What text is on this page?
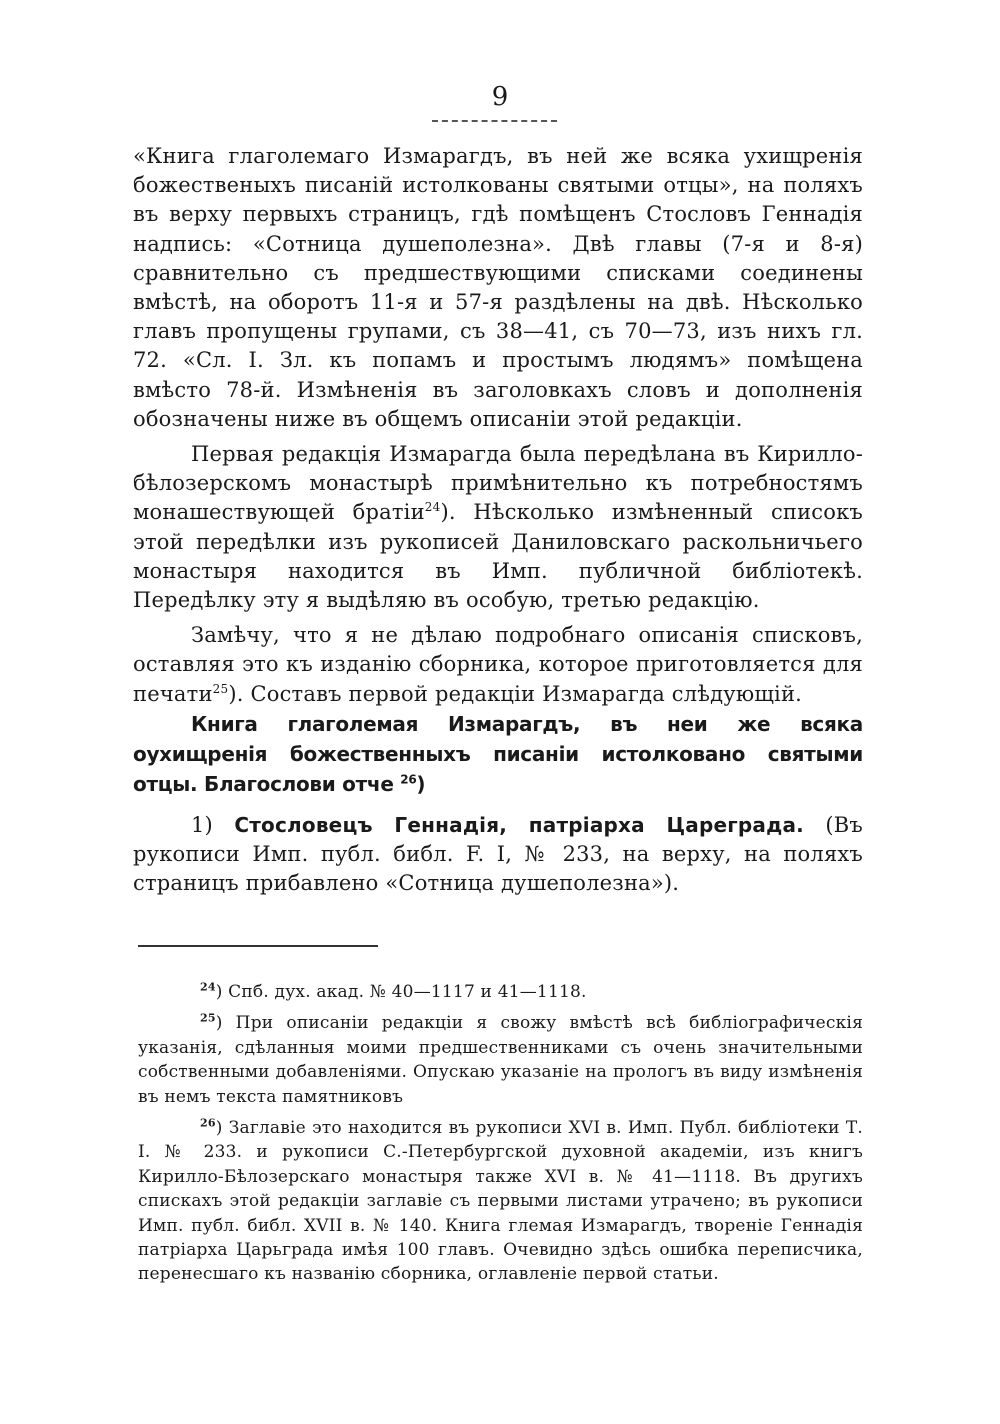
9

«Книга глаголемаго Измарагдъ, въ ней же всяка ухищренія божественыхъ писаній истолкованы святыми отцы», на поляхъ въ верху первыхъ страницъ, гдѣ помѣщенъ Стословъ Геннадія надпись: «Сотница душеполезна». Двѣ главы (7-я и 8-я) сравнительно съ предшествующими списками соединены вмѣстѣ, на оборотъ 11-я и 57-я раздѣлены на двѣ. Нѣсколько главъ пропущены групами, съ 38—41, съ 70—73, изъ нихъ гл. 72. «Сл. I. Зл. къ попамъ и простымъ людямъ» помѣщена вмѣсто 78-й. Измѣненія въ заголовкахъ словъ и дополненія обозначены ниже въ общемъ описаніи этой редакціи.

Первая редакція Измарагда была передѣлана въ Кирилло-бѣлозерскомъ монастырѣ примѣнительно къ потребностямъ монашествующей братіи$^{24}$). Нѣсколько измѣненный списокъ этой передѣлки изъ рукописей Даниловскаго раскольничьего монастыря находится въ Имп. публичной библіотекѣ. Передѣлку эту я выдѣляю въ особую, третью редакцію.

Замѣчу, что я не дѣлаю подробнаго описанія списковъ, оставляя это къ изданію сборника, которое приготовляется для печати$^{25}$). Составъ первой редакціи Измарагда слѣдующій.

Книга глаголемая Измарагдъ, въ неи же всяка оухищренія божественныхъ писаніи истолковано святыми отцы. Благослови отче $^{26}$)

1) Стословецъ Геннадія, патріарха Цареграда. (Въ рукописи Имп. публ. библ. F. I, № 233, на верху, на поляхъ страницъ прибавлено «Сотница душеполезна»).

$^{24}$) Спб. дух. акад. № 40—1117 и 41—1118.

$^{25}$) При описаніи редакціи я свожу вмѣстѣ всѣ библіографическія указанія, сдѣланныя моими предшественниками съ очень значительными собственными добавленіями. Опускаю указаніе на прологъ въ виду измѣненія въ немъ текста памятниковъ

$^{26}$) Заглавіе это находится въ рукописи XVI в. Имп. Публ. библіотеки Т. I. № 233. и рукописи С.-Петербургской духовной академіи, изъ книгъ Кирилло-Бѣлозерскаго монастыря также XVI в. № 41—1118. Въ другихъ спискахъ этой редакціи заглавіе съ первыми листами утрачено; въ рукописи Имп. публ. библ. XVII в. № 140. Книга глемая Измарагдъ, твореніе Геннадія патріарха Царьграда имѣя 100 главъ. Очевидно здѣсь ошибка переписчика, перенесшаго къ названію сборника, оглавленіе первой статьи.
